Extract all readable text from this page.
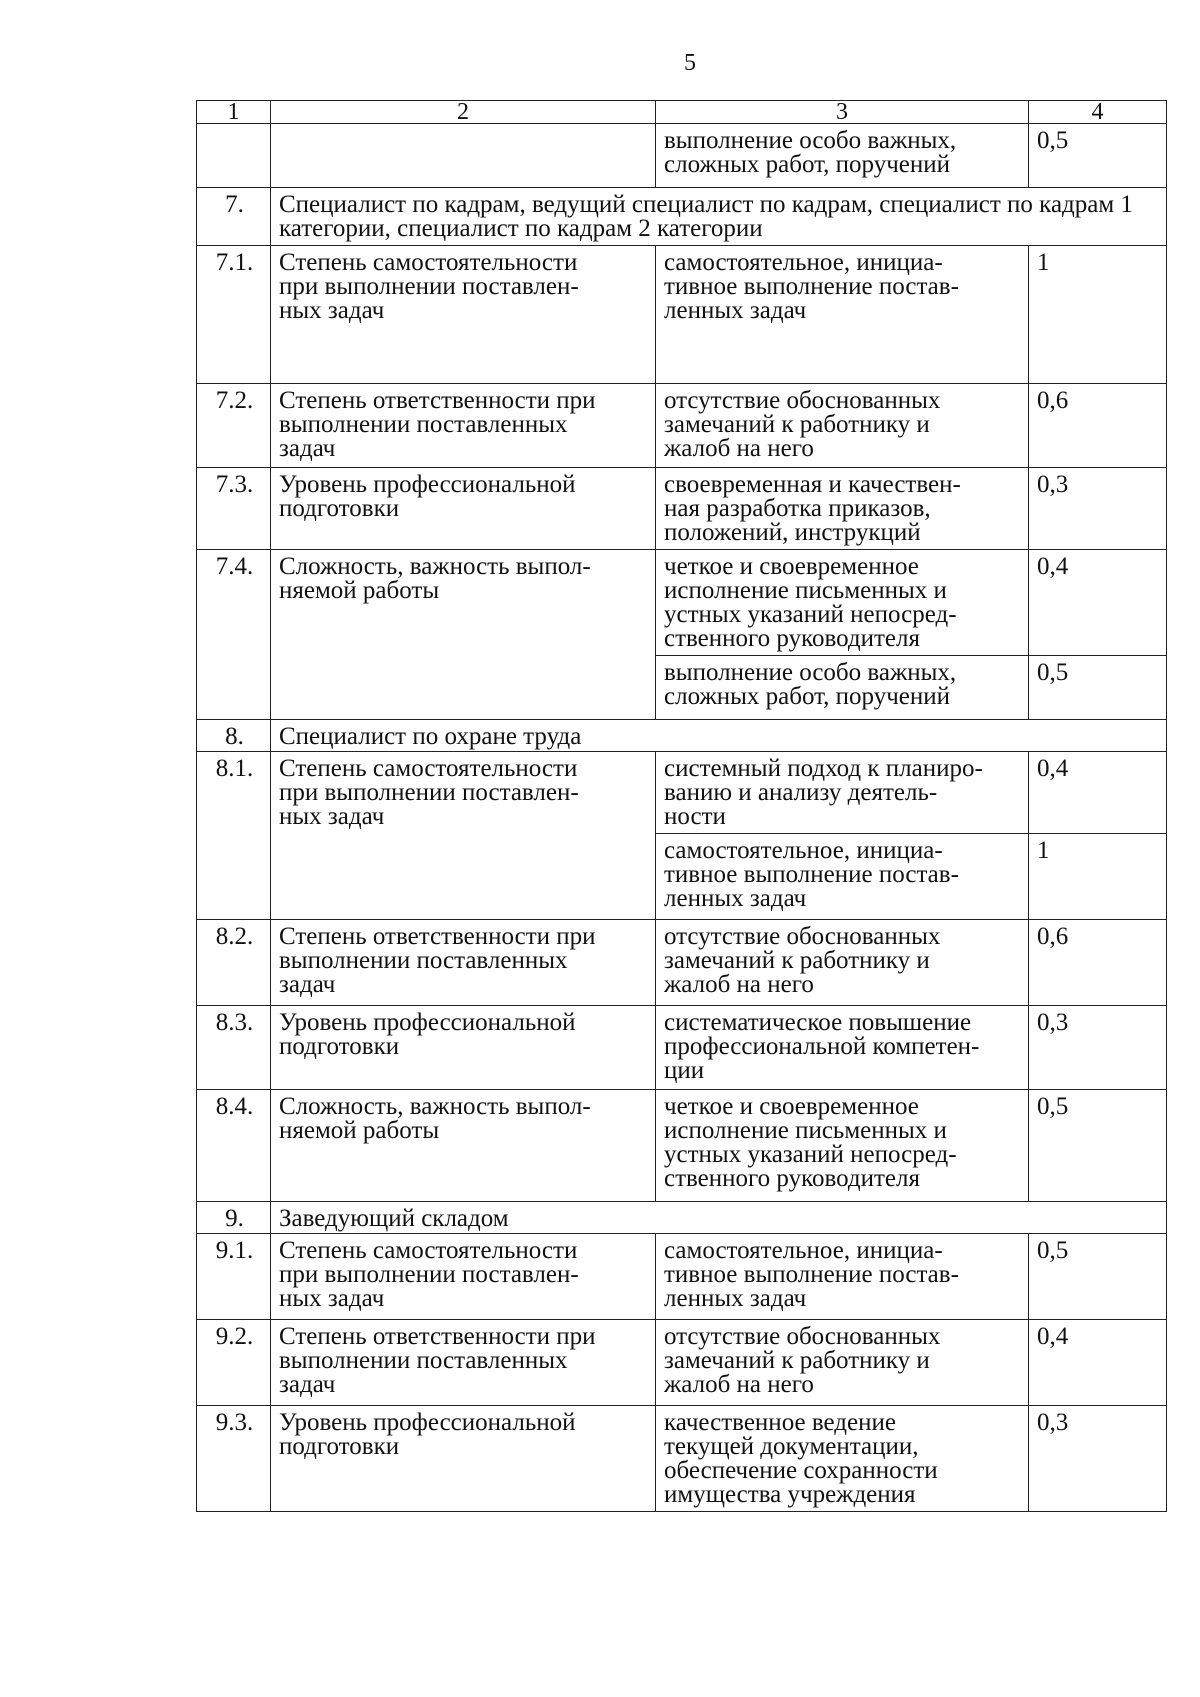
5
1	2	3	4
		выполнение особо важных,
сложных работ, поручений	0,5
7.	Специалист по кадрам, ведущий специалист по кадрам, специалист по кадрам 1 категории, специалист по кадрам 2 категории		
7.1.	Степень самостоятельности
при выполнении поставлен-
ных задач	самостоятельное, инициа-
тивное выполнение постав-
ленных задач	1
7.2.	Степень ответственности при
выполнении поставленных
задач	отсутствие обоснованных
замечаний к работнику и
жалоб на него	0,6
7.3.	Уровень профессиональной
подготовки	своевременная и качествен-
ная разработка приказов,
положений, инструкций	0,3
7.4.	Сложность, важность выпол-
няемой работы	четкое и своевременное
исполнение письменных и
устных указаний непосред-
ственного руководителя	0,4
		выполнение особо важных,
сложных работ, поручений	0,5
8.	Специалист по охране труда		
8.1.	Степень самостоятельности
при выполнении поставлен-
ных задач	системный подход к планиро-
ванию и анализу деятель-
ности	0,4
		самостоятельное, инициа-
тивное выполнение постав-
ленных задач	1
8.2.	Степень ответственности при
выполнении поставленных
задач	отсутствие обоснованных
замечаний к работнику и
жалоб на него	0,6
8.3.	Уровень профессиональной
подготовки	систематическое повышение
профессиональной компетен-
ции	0,3
8.4.	Сложность, важность выпол-
няемой работы	четкое и своевременное
исполнение письменных и
устных указаний непосред-
ственного руководителя	0,5
9.	Заведующий складом		
9.1.	Степень самостоятельности
при выполнении поставлен-
ных задач	самостоятельное, инициа-
тивное выполнение постав-
ленных задач	0,5
9.2.	Степень ответственности при
выполнении поставленных
задач	отсутствие обоснованных
замечаний к работнику и
жалоб на него	0,4
9.3.	Уровень профессиональной
подготовки	качественное ведение
текущей документации,
обеспечение сохранности
имущества учреждения	0,3
